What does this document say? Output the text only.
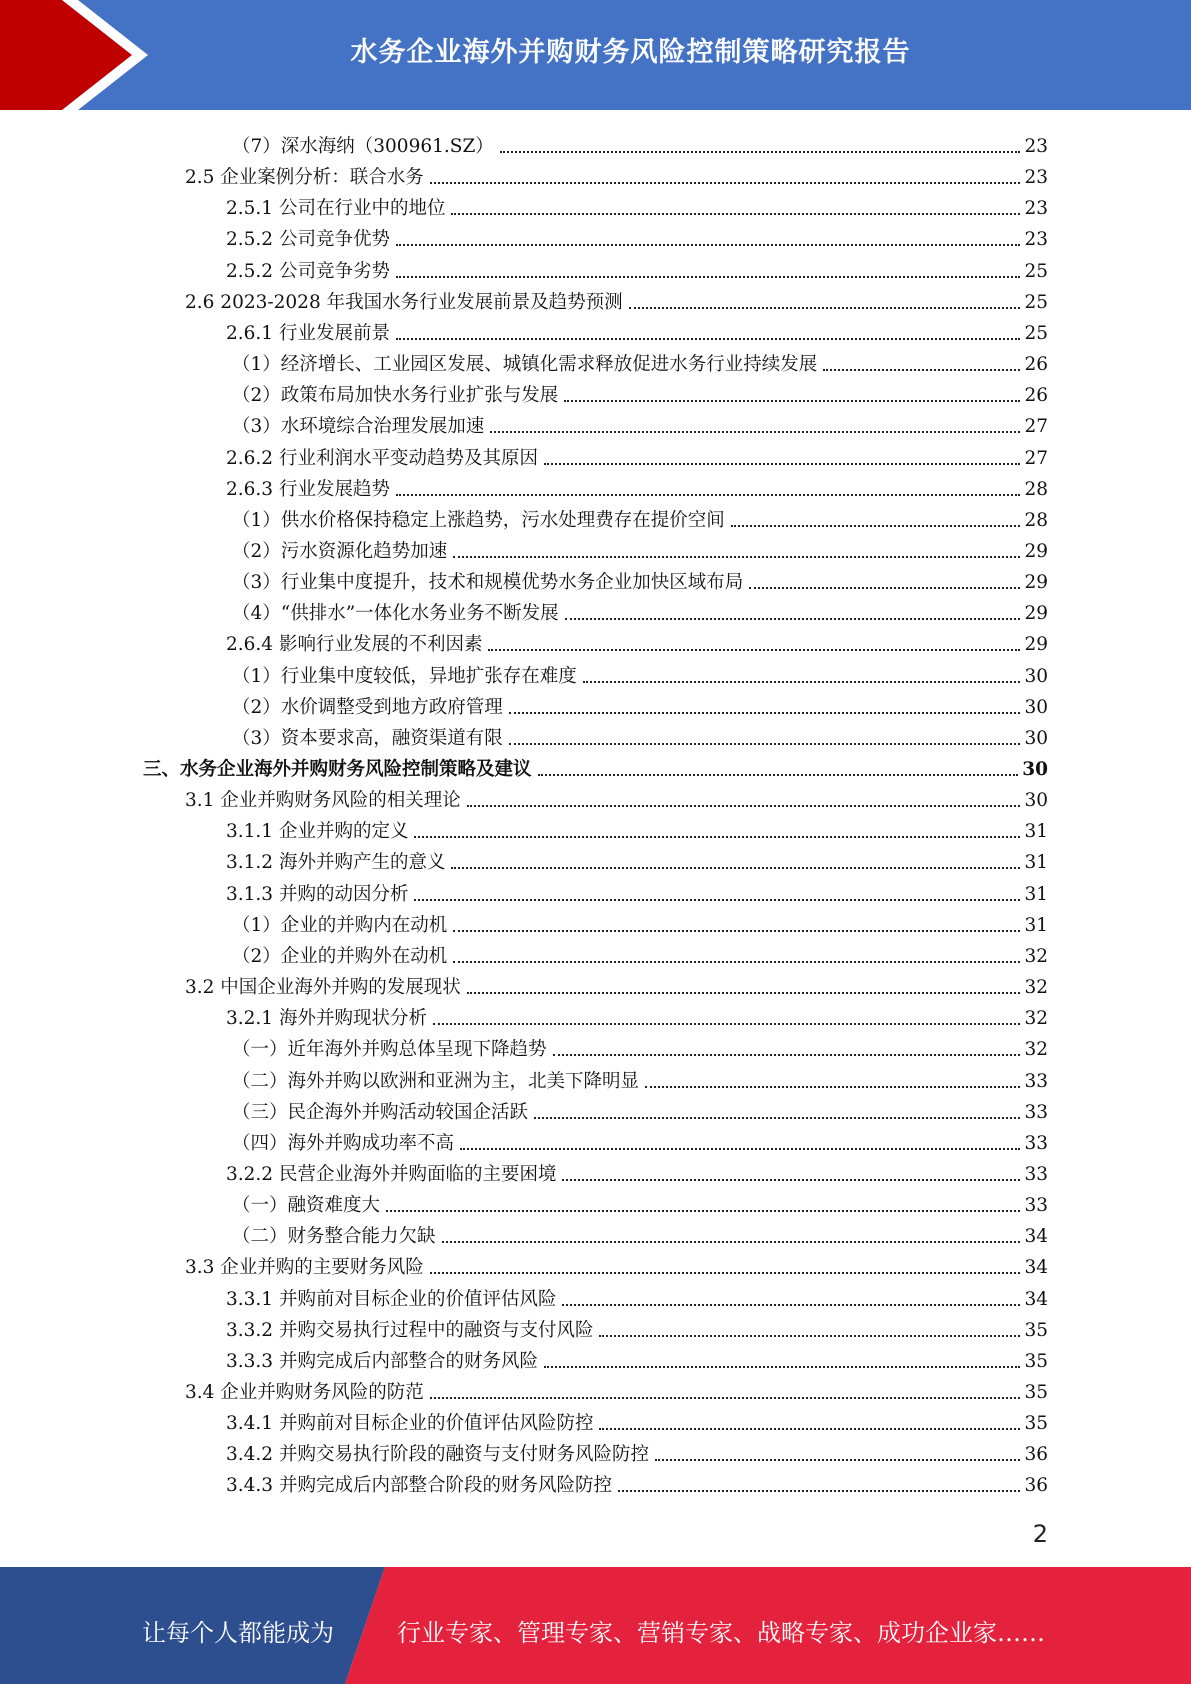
水务企业海外并购财务风险控制策略研究报告
（7）深水海纳（300961.SZ）	23
2.5 企业案例分析：联合水务	23
2.5.1 公司在行业中的地位	23
2.5.2 公司竞争优势	23
2.5.2 公司竞争劣势	25
2.6 2023-2028 年我国水务行业发展前景及趋势预测	25
2.6.1 行业发展前景	25
（1）经济增长、工业园区发展、城镇化需求释放促进水务行业持续发展	26
（2）政策布局加快水务行业扩张与发展	26
（3）水环境综合治理发展加速	27
2.6.2 行业利润水平变动趋势及其原因	27
2.6.3 行业发展趋势	28
（1）供水价格保持稳定上涨趋势，污水处理费存在提价空间	28
（2）污水资源化趋势加速	29
（3）行业集中度提升，技术和规模优势水务企业加快区域布局	29
（4）“供排水”一体化水务业务不断发展	29
2.6.4 影响行业发展的不利因素	29
（1）行业集中度较低，异地扩张存在难度	30
（2）水价调整受到地方政府管理	30
（3）资本要求高，融资渠道有限	30
三、水务企业海外并购财务风险控制策略及建议	30
3.1 企业并购财务风险的相关理论	30
3.1.1 企业并购的定义	31
3.1.2 海外并购产生的意义	31
3.1.3 并购的动因分析	31
（1）企业的并购内在动机	31
（2）企业的并购外在动机	32
3.2 中国企业海外并购的发展现状	32
3.2.1 海外并购现状分析	32
（一）近年海外并购总体呈现下降趋势	32
（二）海外并购以欧洲和亚洲为主，北美下降明显	33
（三）民企海外并购活动较国企活跃	33
（四）海外并购成功率不高	33
3.2.2 民营企业海外并购面临的主要困境	33
（一）融资难度大	33
（二）财务整合能力欠缺	34
3.3 企业并购的主要财务风险	34
3.3.1 并购前对目标企业的价值评估风险	34
3.3.2 并购交易执行过程中的融资与支付风险	35
3.3.3 并购完成后内部整合的财务风险	35
3.4 企业并购财务风险的防范	35
3.4.1 并购前对目标企业的价值评估风险防控	35
3.4.2 并购交易执行阶段的融资与支付财务风险防控	36
3.4.3 并购完成后内部整合阶段的财务风险防控	36
2
让每个人都能成为	行业专家、管理专家、营销专家、战略专家、成功企业家……
